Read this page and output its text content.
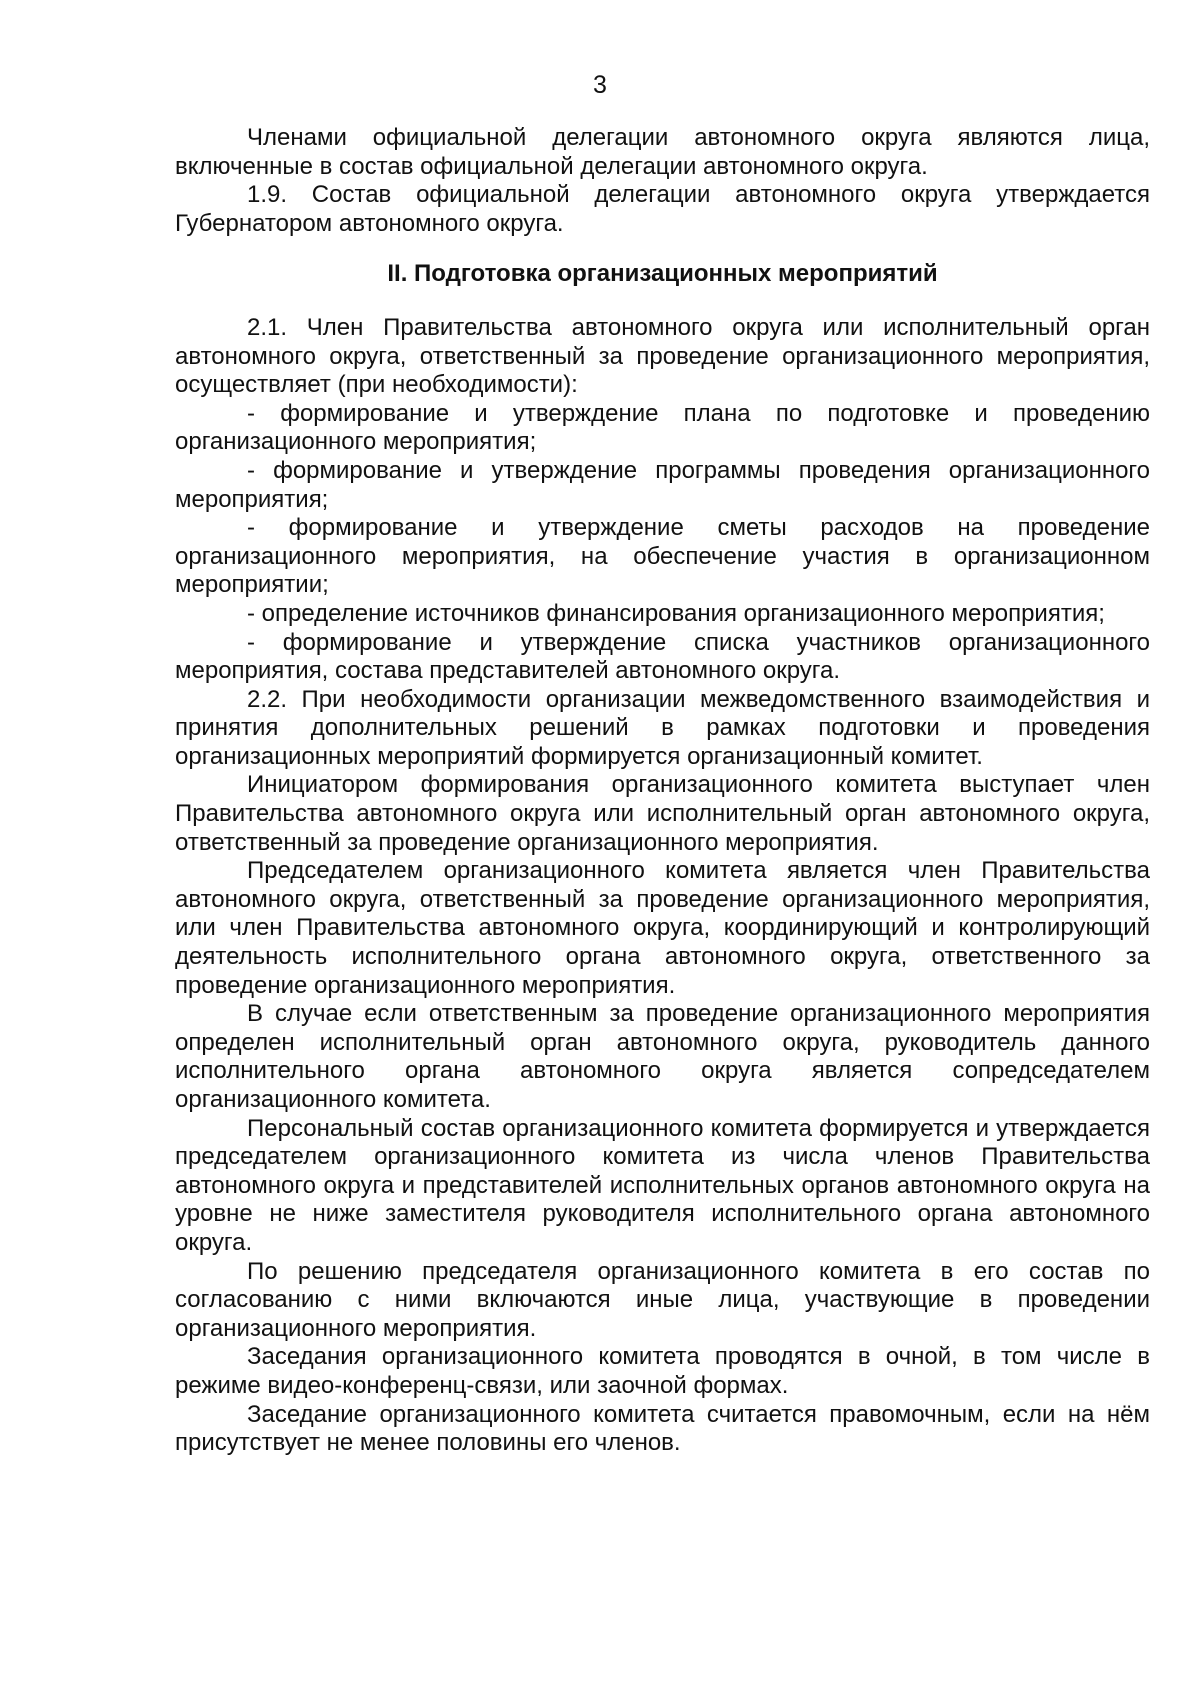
3

Членами официальной делегации автономного округа являются лица, включенные в состав официальной делегации автономного округа.

1.9. Состав официальной делегации автономного округа утверждается Губернатором автономного округа.

II. Подготовка организационных мероприятий

2.1. Член Правительства автономного округа или исполнительный орган автономного округа, ответственный за проведение организационного мероприятия, осуществляет (при необходимости):

- формирование и утверждение плана по подготовке и проведению организационного мероприятия;

- формирование и утверждение программы проведения организационного мероприятия;

- формирование и утверждение сметы расходов на проведение организационного мероприятия, на обеспечение участия в организационном мероприятии;

- определение источников финансирования организационного мероприятия;

- формирование и утверждение списка участников организационного мероприятия, состава представителей автономного округа.

2.2. При необходимости организации межведомственного взаимодействия и принятия дополнительных решений в рамках подготовки и проведения организационных мероприятий формируется организационный комитет.

Инициатором формирования организационного комитета выступает член Правительства автономного округа или исполнительный орган автономного округа, ответственный за проведение организационного мероприятия.

Председателем организационного комитета является член Правительства автономного округа, ответственный за проведение организационного мероприятия, или член Правительства автономного округа, координирующий и контролирующий деятельность исполнительного органа автономного округа, ответственного за проведение организационного мероприятия.

В случае если ответственным за проведение организационного мероприятия определен исполнительный орган автономного округа, руководитель данного исполнительного органа автономного округа является сопредседателем организационного комитета.

Персональный состав организационного комитета формируется и утверждается председателем организационного комитета из числа членов Правительства автономного округа и представителей исполнительных органов автономного округа на уровне не ниже заместителя руководителя исполнительного органа автономного округа.

По решению председателя организационного комитета в его состав по согласованию с ними включаются иные лица, участвующие в проведении организационного мероприятия.

Заседания организационного комитета проводятся в очной, в том числе в режиме видео-конференц-связи, или заочной формах.

Заседание организационного комитета считается правомочным, если на нём присутствует не менее половины его членов.
